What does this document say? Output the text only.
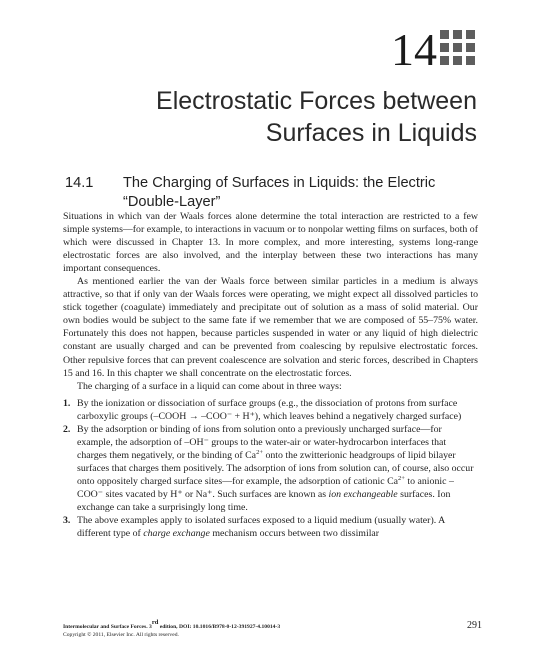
14
Electrostatic Forces between
Surfaces in Liquids
14.1 The Charging of Surfaces in Liquids: the Electric “Double-Layer”

Situations in which van der Waals forces alone determine the total interaction are restricted to a few simple systems—for example, to interactions in vacuum or to nonpolar wetting films on surfaces, both of which were discussed in Chapter 13. In more complex, and more interesting, systems long-range electrostatic forces are also involved, and the interplay between these two interactions has many important consequences.

As mentioned earlier the van der Waals force between similar particles in a medium is always attractive, so that if only van der Waals forces were operating, we might expect all dissolved particles to stick together (coagulate) immediately and precipitate out of solution as a mass of solid material. Our own bodies would be subject to the same fate if we remember that we are composed of 55–75% water. Fortunately this does not happen, because particles suspended in water or any liquid of high dielectric constant are usually charged and can be prevented from coalescing by repulsive electrostatic forces. Other repulsive forces that can prevent coalescence are solvation and steric forces, described in Chapters 15 and 16. In this chapter we shall concentrate on the electrostatic forces.

The charging of a surface in a liquid can come about in three ways:

1. By the ionization or dissociation of surface groups (e.g., the dissociation of protons from surface carboxylic groups (–COOH → –COO⁻ + H⁺), which leaves behind a negatively charged surface)
2. By the adsorption or binding of ions from solution onto a previously uncharged surface—for example, the adsorption of –OH⁻ groups to the water-air or water-hydrocarbon interfaces that charges them negatively, or the binding of $Ca^{2+}$ onto the zwitterionic headgroups of lipid bilayer surfaces that charges them positively. The adsorption of ions from solution can, of course, also occur onto oppositely charged surface sites—for example, the adsorption of cationic $Ca^{2+}$ to anionic –COO⁻ sites vacated by H⁺ or Na⁺. Such surfaces are known as ion exchangeable surfaces. Ion exchange can take a surprisingly long time.
3. The above examples apply to isolated surfaces exposed to a liquid medium (usually water). A different type of charge exchange mechanism occurs between two dissimilar
Intermolecular and Surface Forces. 3rd edition, DOI: 10.1016/B978-0-12-391927-4.10014-3
Copyright © 2011, Elsevier Inc. All rights reserved.
291
